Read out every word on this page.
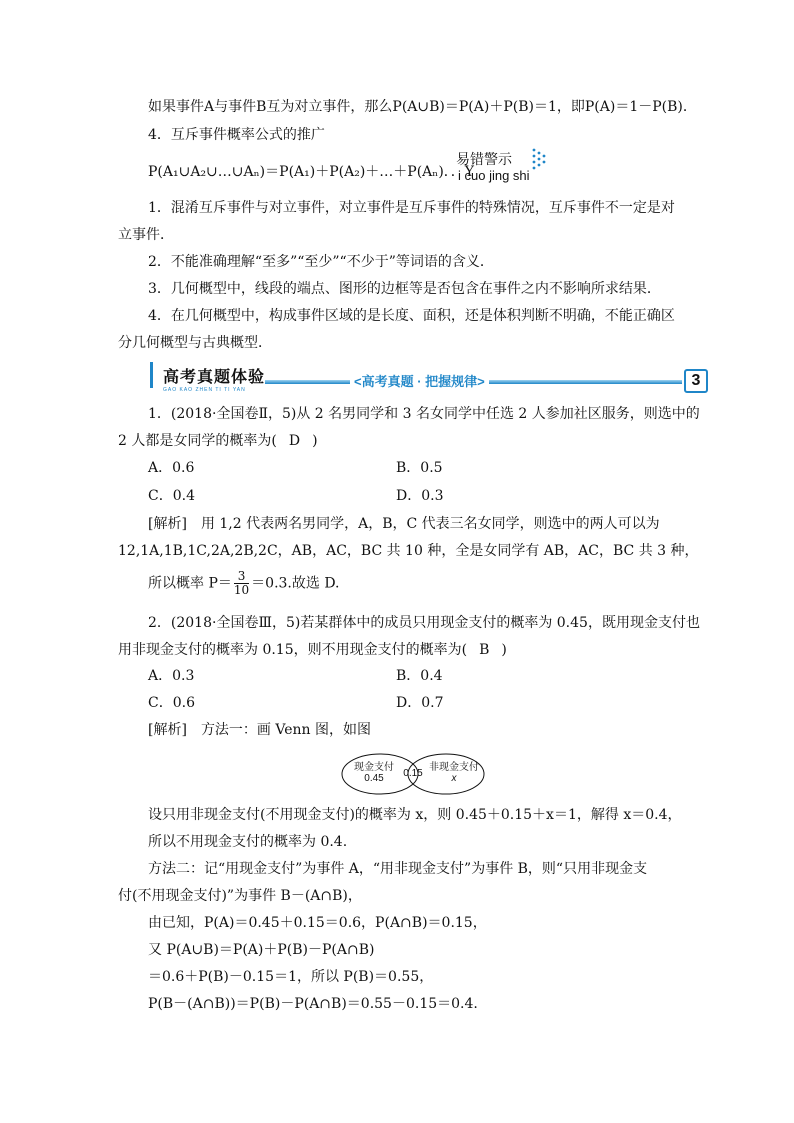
如果事件A与事件B互为对立事件，那么P(A∪B)＝P(A)＋P(B)＝1，即P(A)＝1－P(B)．
4．互斥事件概率公式的推广
P(A₁∪A₂∪…∪Aₙ)＝P(A₁)＋P(A₂)＋…＋P(Aₙ)．．Y
易错警示
i cuo jing shi
1．混淆互斥事件与对立事件，对立事件是互斥事件的特殊情况，互斥事件不一定是对
立事件．
2．不能准确理解“至多”“至少”“不少于”等词语的含义．
3．几何概型中，线段的端点、图形的边框等是否包含在事件之内不影响所求结果．
4．在几何概型中，构成事件区域的是长度、面积，还是体积判断不明确，不能正确区
分几何概型与古典概型．
高考真题体验
GAO KAO ZHEN TI TI YAN
<高考真题 · 把握规律>	3
1．(2018·全国卷Ⅱ，5)从 2 名男同学和 3 名女同学中任选 2 人参加社区服务，则选中的
2 人都是女同学的概率为( D )
A．0.6	B．0.5
C．0.4	D．0.3
[解析]　 用 1,2 代表两名男同学，A，B，C 代表三名女同学，则选中的两人可以为
12,1A,1B,1C,2A,2B,2C，AB，AC，BC 共 10 种，全是女同学有 AB，AC，BC 共 3 种，
所以概率 $P= \frac{3}{10} =0.3$.故选 D.
2．(2018·全国卷Ⅲ，5)若某群体中的成员只用现金支付的概率为 0.45，既用现金支付也
用非现金支付的概率为 0.15，则不用现金支付的概率为( B )
A．0.3	B．0.4
C．0.6	D．0.7
[解析]　 方法一：画 Venn 图，如图
现金支付
0.45	0.15
非现金支付
x
设只用非现金支付(不用现金支付)的概率为 x，则 0.45＋0.15＋x＝1，解得 x＝0.4，
所以不用现金支付的概率为 0.4.
方法二：记“用现金支付”为事件 A，“用非现金支付”为事件 B，则“只用非现金支
付(不用现金支付)”为事件 B－(A∩B)，
由已知，P(A)＝0.45＋0.15＝0.6，P(A∩B)＝0.15，
又 P(A∪B)＝P(A)＋P(B)－P(A∩B)
＝0.6＋P(B)－0.15＝1，所以 P(B)＝0.55，
P(B－(A∩B))＝P(B)－P(A∩B)＝0.55－0.15＝0.4.
